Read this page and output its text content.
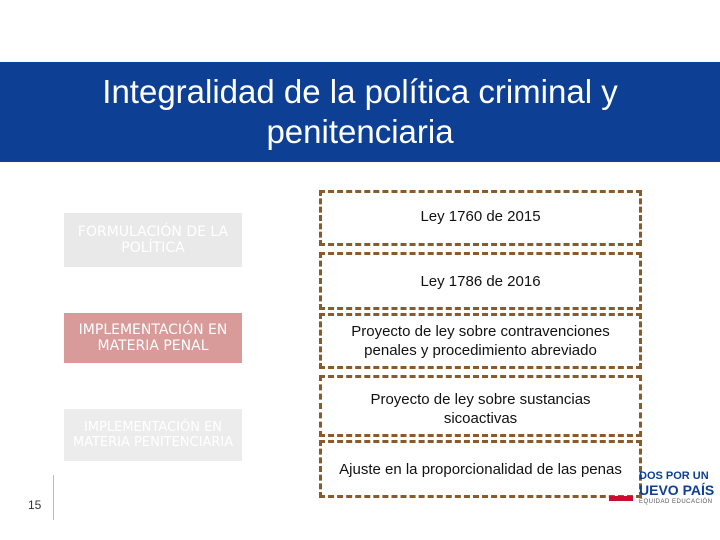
Integralidad de la política criminal y penitenciaria
FORMULACIÓN DE LA POLÍTICA
IMPLEMENTACIÓN EN MATERIA PENAL
IMPLEMENTACIÓN EN MATERIA PENITENCIARIA
Ley 1760 de 2015
Ley 1786 de 2016
Proyecto de ley sobre contravenciones penales y procedimiento abreviado
Proyecto de ley sobre sustancias sicoactivas
Ajuste en la proporcionalidad de las penas
15
DOS POR UN
UEVO PAÍS
EQUIDAD EDUCACIÓN
